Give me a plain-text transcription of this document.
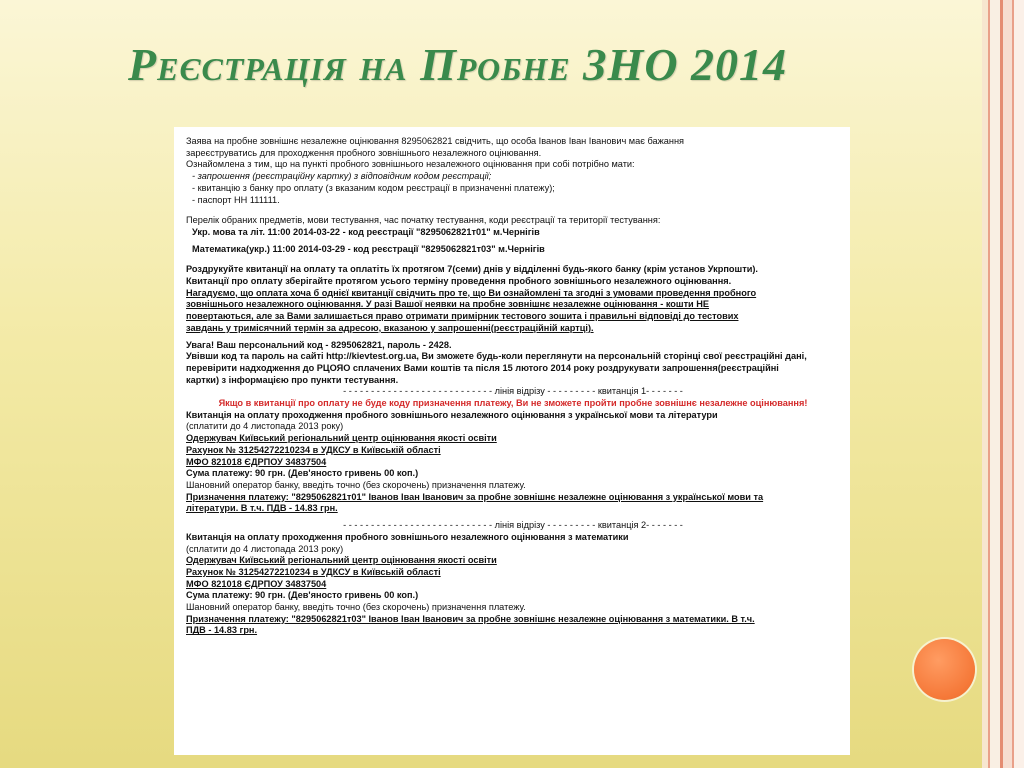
Реєстрація на Пробне ЗНО 2014

Заява на пробне зовнішнє незалежне оцінювання 8295062821 свідчить, що особа Іванов Іван Іванович має бажання

зареєструватись для проходження пробного зовнішнього незалежного оцінювання.

Ознайомлена з тим, що на пункті пробного зовнішнього незалежного оцінювання при собі потрібно мати:

- запрошення (реєстраційну картку) з відповідним кодом реєстрації;

- квитанцію з банку про оплату (з вказаним кодом реєстрації в призначенні платежу);

- паспорт НН 111111.

Перелік обраних предметів, мови тестування, час початку тестування, коди реєстрації та території тестування:

Укр. мова та літ. 11:00 2014-03-22 - код реєстрації "8295062821т01" м.Чернігів

Математика(укр.) 11:00 2014-03-29 - код реєстрації "8295062821т03" м.Чернігів

Роздрукуйте квитанції на оплату та оплатіть їх протягом 7(семи) днів у відділенні будь-якого банку (крім установ Укрпошти).

Квитанції про оплату зберігайте протягом усього терміну проведення пробного зовнішнього незалежного оцінювання.

Нагадуємо, що оплата хоча б однієї квитанції свідчить про те, що Ви ознайомлені та згодні з умовами проведення пробного

зовнішнього незалежного оцінювання. У разі Вашої неявки на пробне зовнішнє незалежне оцінювання - кошти НЕ

повертаються, але за Вами залишається право отримати примірник тестового зошита і правильні відповіді до тестових

завдань у тримісячний термін за адресою, вказаною у запрошенні(реєстраційній картці).

Увага! Ваш персональний код - 8295062821, пароль - 2428.

Увівши код та пароль на сайті http://kievtest.org.ua, Ви зможете будь-коли переглянути на персональній сторінці свої реєстраційні дані,

перевірити надходження до РЦОЯО сплачених Вами коштів та після 15 лютого 2014 року роздрукувати запрошення(реєстраційні

картки) з інформацією про пункти тестування.

- - - - - - - - - - - - - - - - - - - - - - - - - - - лінія відрізу - - - - - - - - - квитанція 1- - - - - - -

Якщо в квитанції про оплату не буде коду призначення платежу, Ви не зможете пройти пробне зовнішнє незалежне оцінювання!

Квитанція на оплату проходження пробного зовнішнього незалежного оцінювання з української мови та літератури

(сплатити до 4 листопада 2013 року)

Одержувач Київський регіональний центр оцінювання якості освіти

Рахунок № 31254272210234 в УДКСУ в Київській області

МФО 821018 ЄДРПОУ 34837504

Сума платежу: 90 грн. (Дев'яносто гривень 00 коп.)

Шановний оператор банку, введіть точно (без скорочень) призначення платежу.

Призначення платежу: "8295062821т01" Іванов Іван Іванович за пробне зовнішнє незалежне оцінювання з української мови та

літератури. В т.ч. ПДВ - 14.83 грн.

- - - - - - - - - - - - - - - - - - - - - - - - - - - лінія відрізу - - - - - - - - - квитанція 2- - - - - - -

Квитанція на оплату проходження пробного зовнішнього незалежного оцінювання з математики

(сплатити до 4 листопада 2013 року)

Одержувач Київський регіональний центр оцінювання якості освіти

Рахунок № 31254272210234 в УДКСУ в Київській області

МФО 821018 ЄДРПОУ 34837504

Сума платежу: 90 грн. (Дев'яносто гривень 00 коп.)

Шановний оператор банку, введіть точно (без скорочень) призначення платежу.

Призначення платежу: "8295062821т03" Іванов Іван Іванович за пробне зовнішнє незалежне оцінювання з математики. В т.ч.

ПДВ - 14.83 грн.
